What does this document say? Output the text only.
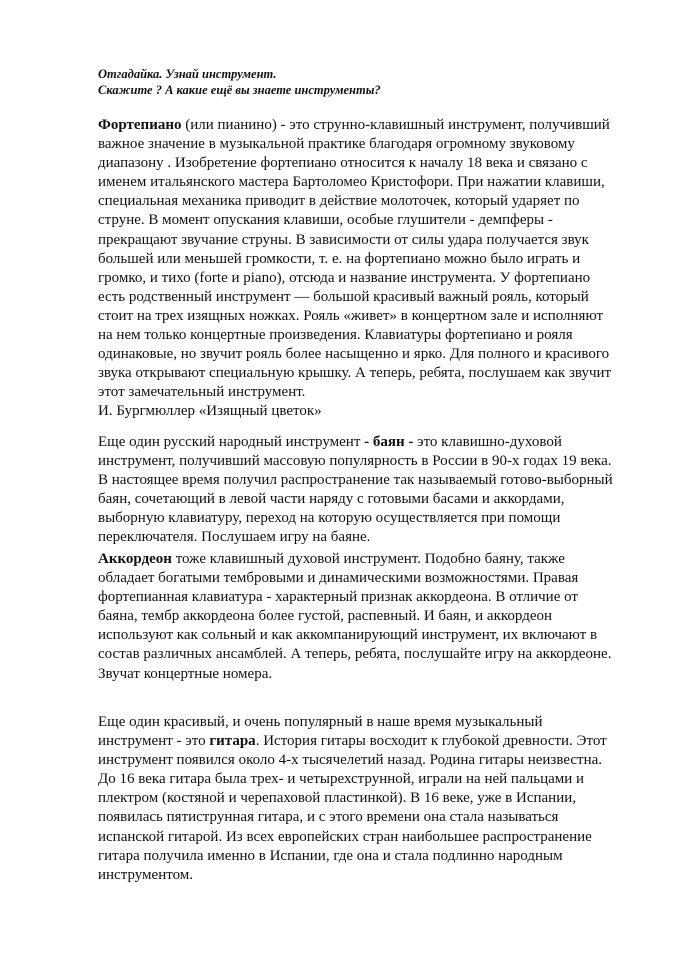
Отгадайка. Узнай инструмент.
Скажите ? А какие ещё вы знаете инструменты?
Фортепиано (или пианино) - это струнно-клавишный инструмент, получивший
важное значение в музыкальной практике благодаря огромному звуковому
диапазону . Изобретение фортепиано относится к началу 18 века и связано с
именем итальянского мастера Бартоломео Кристофори. При нажатии клавиши,
специальная механика приводит в действие молоточек, который ударяет по
струне. В момент опускания клавиши, особые глушители - демпферы -
прекращают звучание струны. В зависимости от силы удара получается звук
большей или меньшей громкости, т. е. на фортепиано можно было играть и
громко, и тихо (forte и piano), отсюда и название инструмента. У фортепиано
есть родственный инструмент — большой красивый важный рояль, который
стоит на трех изящных ножках. Рояль «живет» в концертном зале и исполняют
на нем только концертные произведения. Клавиатуры фортепиано и рояля
одинаковые, но звучит рояль более насыщенно и ярко. Для полного и красивого
звука открывают специальную крышку. А теперь, ребята, послушаем как звучит
этот замечательный инструмент.
И. Бургмюллер «Изящный цветок»
Еще один русский народный инструмент - баян - это клавишно-духовой
инструмент, получивший массовую популярность в России в 90-х годах 19 века.
В настоящее время получил распространение так называемый готово-выборный
баян, сочетающий в левой части наряду с готовыми басами и аккордами,
выборную клавиатуру, переход на которую осуществляется при помощи
переключателя. Послушаем игру на баяне.
Аккордеон тоже клавишный духовой инструмент. Подобно баяну, также
обладает богатыми тембровыми и динамическими возможностями. Правая
фортепианная клавиатура - характерный признак аккордеона. В отличие от
баяна, тембр аккордеона более густой, распевный. И баян, и аккордеон
используют как сольный и как аккомпанирующий инструмент, их включают в
состав различных ансамблей. А теперь, ребята, послушайте игру на аккордеоне.
Звучат концертные номера.
Еще один красивый, и очень популярный в наше время музыкальный
инструмент - это гитара. История гитары восходит к глубокой древности. Этот
инструмент появился около 4-х тысячелетий назад. Родина гитары неизвестна.
До 16 века гитара была трех- и четырехструнной, играли на ней пальцами и
плектром (костяной и черепаховой пластинкой). В 16 веке, уже в Испании,
появилась пятиструнная гитара, и с этого времени она стала называться
испанской гитарой. Из всех европейских стран наибольшее распространение
гитара получила именно в Испании, где она и стала подлинно народным
инструментом.
